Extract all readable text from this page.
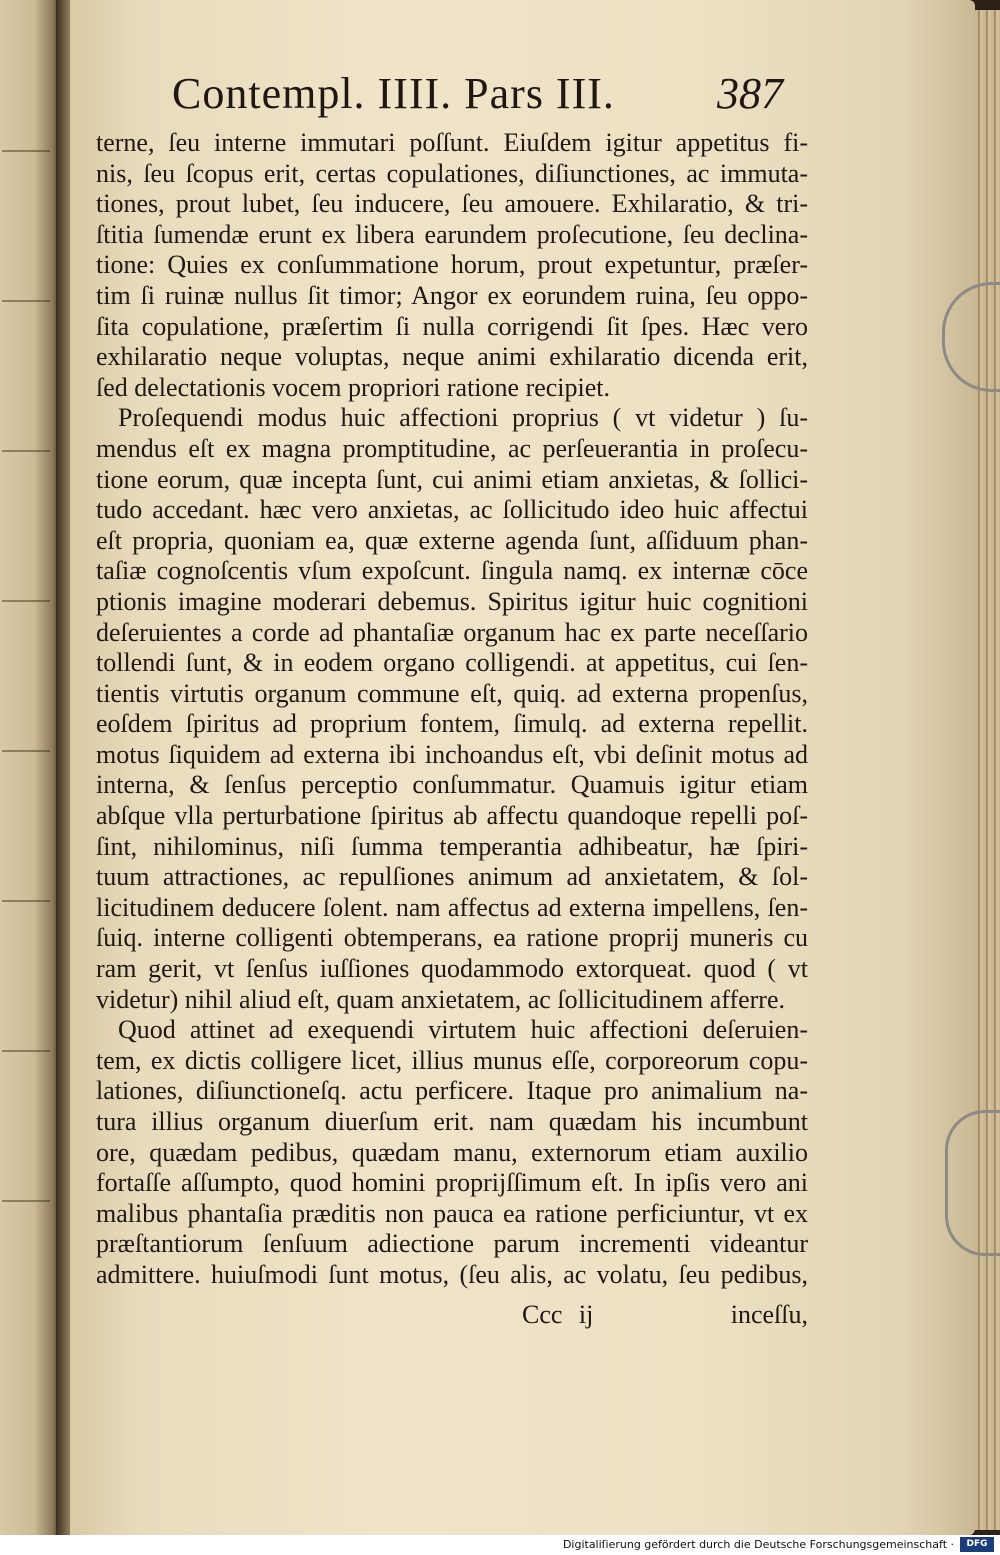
Contempl. IIII. Pars III. 387
terne, ſeu interne immutari poſſunt. Eiuſdem igitur appetitus fi-
nis, ſeu ſcopus erit, certas copulationes, diſiunctiones, ac immuta-
tiones, prout lubet, ſeu inducere, ſeu amouere. Exhilaratio, & tri-
ſtitia ſumendæ erunt ex libera earundem proſecutione, ſeu declina-
tione: Quies ex conſummatione horum, prout expetuntur, præſer-
tim ſi ruinæ nullus ſit timor; Angor ex eorundem ruina, ſeu oppo-
ſita copulatione, præſertim ſi nulla corrigendi ſit ſpes. Hæc vero
exhilaratio neque voluptas, neque animi exhilaratio dicenda erit,
ſed delectationis vocem propriori ratione recipiet.
Proſequendi modus huic affectioni proprius ( vt videtur ) ſu-
mendus eſt ex magna promptitudine, ac perſeuerantia in proſecu-
tione eorum, quæ incepta ſunt, cui animi etiam anxietas, & ſollici-
tudo accedant. hæc vero anxietas, ac ſollicitudo ideo huic affectui
eſt propria, quoniam ea, quæ externe agenda ſunt, aſſiduum phan-
taſiæ cognoſcentis vſum expoſcunt. ſingula namq. ex internæ cōce
ptionis imagine moderari debemus. Spiritus igitur huic cognitioni
deſeruientes a corde ad phantaſiæ organum hac ex parte neceſſario
tollendi ſunt, & in eodem organo colligendi. at appetitus, cui ſen-
tientis virtutis organum commune eſt, quiq. ad externa propenſus,
eoſdem ſpiritus ad proprium fontem, ſimulq. ad externa repellit.
motus ſiquidem ad externa ibi inchoandus eſt, vbi deſinit motus ad
interna, & ſenſus perceptio conſummatur. Quamuis igitur etiam
abſque vlla perturbatione ſpiritus ab affectu quandoque repelli poſ-
ſint, nihilominus, niſi ſumma temperantia adhibeatur, hæ ſpiri-
tuum attractiones, ac repulſiones animum ad anxietatem, & ſol-
licitudinem deducere ſolent. nam affectus ad externa impellens, ſen-
ſuiq. interne colligenti obtemperans, ea ratione proprij muneris cu
ram gerit, vt ſenſus iuſſiones quodammodo extorqueat. quod ( vt
videtur) nihil aliud eſt, quam anxietatem, ac ſollicitudinem afferre.
Quod attinet ad exequendi virtutem huic affectioni deſeruien-
tem, ex dictis colligere licet, illius munus eſſe, corporeorum copu-
lationes, diſiunctioneſq. actu perficere. Itaque pro animalium na-
tura illius organum diuerſum erit. nam quædam his incumbunt
ore, quædam pedibus, quædam manu, externorum etiam auxilio
fortaſſe aſſumpto, quod homini proprijſſimum eſt. In ipſis vero ani
malibus phantaſia præditis non pauca ea ratione perficiuntur, vt ex
præſtantiorum ſenſuum adiectione parum incrementi videantur
admittere. huiuſmodi ſunt motus, (ſeu alis, ac volatu, ſeu pedibus,
Ccc ij	inceſſu,
Digitaliſierung gefördert durch die Deutsche Forschungsgemeinschaft ·	DFG
